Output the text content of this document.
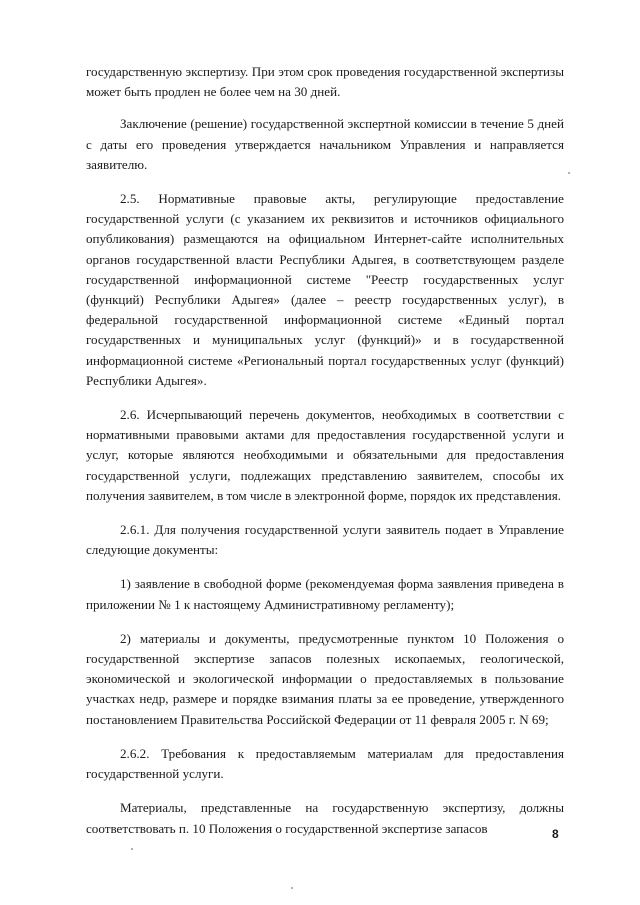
государственную экспертизу. При этом срок проведения государственной экспертизы может быть продлен не более чем на 30 дней.

Заключение (решение) государственной экспертной комиссии в течение 5 дней с даты его проведения утверждается начальником Управления и направляется заявителю.

2.5. Нормативные правовые акты, регулирующие предоставление государственной услуги (с указанием их реквизитов и источников официального опубликования) размещаются на официальном Интернет-сайте исполнительных органов государственной власти Республики Адыгея, в соответствующем разделе государственной информационной системе "Реестр государственных услуг (функций) Республики Адыгея» (далее – реестр государственных услуг), в федеральной государственной информационной системе «Единый портал государственных и муниципальных услуг (функций)» и в государственной информационной системе «Региональный портал государственных услуг (функций) Республики Адыгея».

2.6. Исчерпывающий перечень документов, необходимых в соответствии с нормативными правовыми актами для предоставления государственной услуги и услуг, которые являются необходимыми и обязательными для предоставления государственной услуги, подлежащих представлению заявителем, способы их получения заявителем, в том числе в электронной форме, порядок их представления.

2.6.1. Для получения государственной услуги заявитель подает в Управление следующие документы:

1) заявление в свободной форме (рекомендуемая форма заявления приведена в приложении № 1 к настоящему Административному регламенту);

2) материалы и документы, предусмотренные пунктом 10 Положения о государственной экспертизе запасов полезных ископаемых, геологической, экономической и экологической информации о предоставляемых в пользование участках недр, размере и порядке взимания платы за ее проведение, утвержденного постановлением Правительства Российской Федерации от 11 февраля 2005 г. N 69;

2.6.2. Требования к предоставляемым материалам для предоставления государственной услуги.

Материалы, представленные на государственную экспертизу, должны соответствовать п. 10 Положения о государственной экспертизе запасов	8
